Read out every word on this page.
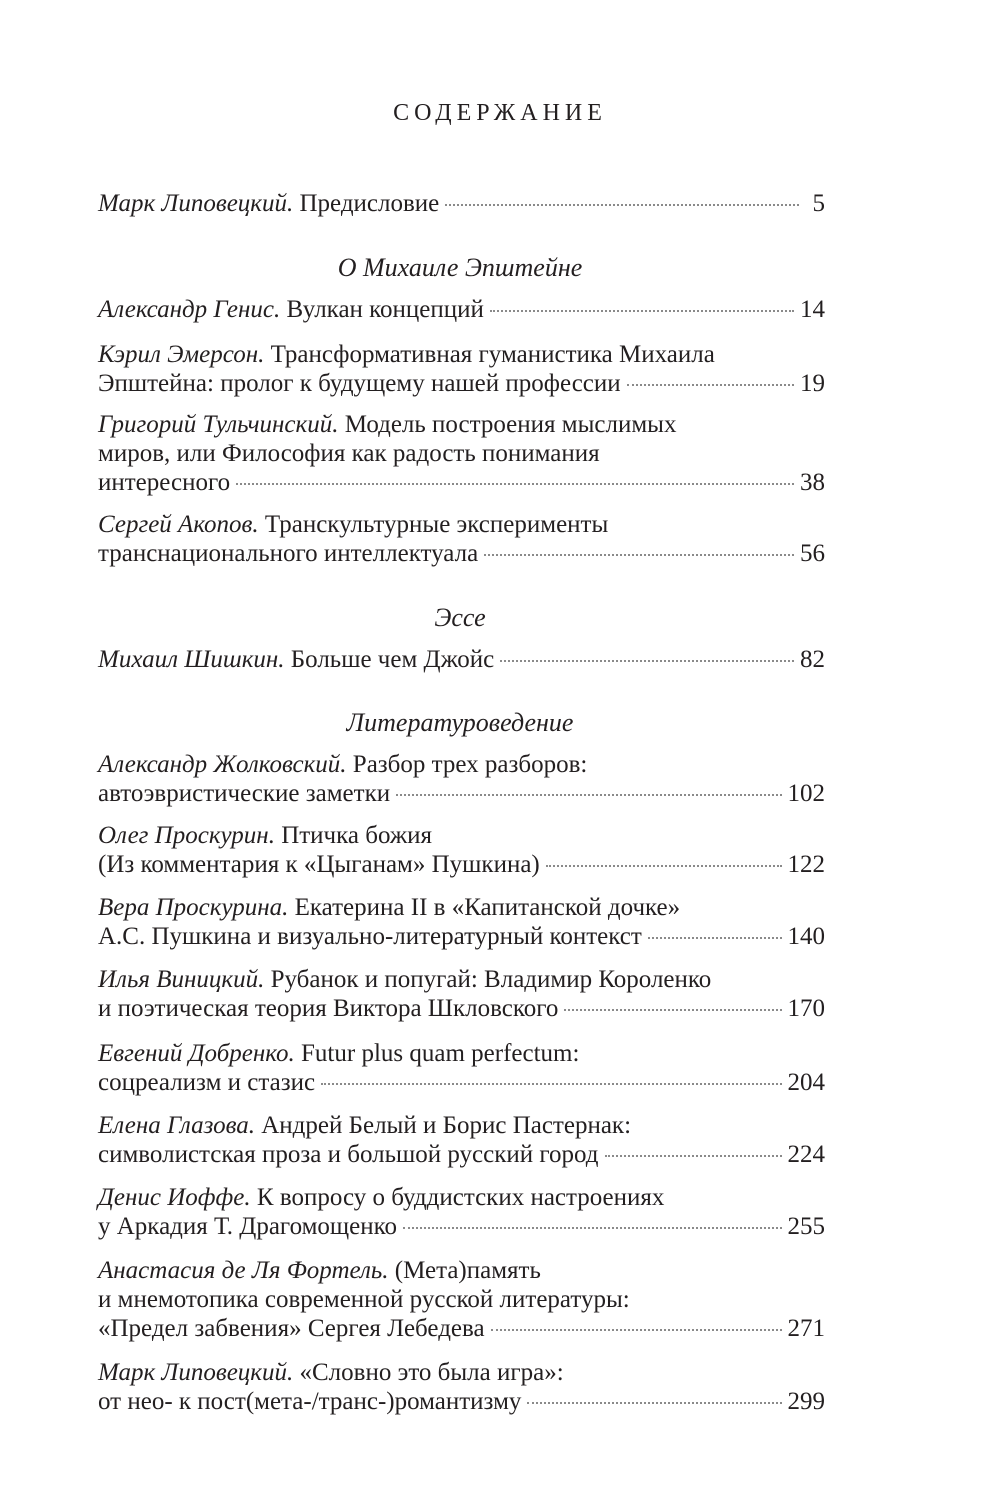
СОДЕРЖАНИЕ
Марк Липовецкий. Предисловие	5
О Михаиле Эпштейне
Александр Генис. Вулкан концепций	14
Кэрил Эмерсон. Трансформативная гуманистика Михаила
Эпштейна: пролог к будущему нашей профессии	19
Григорий Тульчинский. Модель построения мыслимых
миров, или Философия как радость понимания
интересного	38
Сергей Акопов. Транскультурные эксперименты
транснационального интеллектуала	56
Эссе
Михаил Шишкин. Больше чем Джойс	82
Литературоведение
Александр Жолковский. Разбор трех разборов:
автоэвристические заметки	102
Олег Проскурин. Птичка божия
(Из комментария к «Цыганам» Пушкина)	122
Вера Проскурина. Екатерина II в «Капитанской дочке»
А.С. Пушкина и визуально-литературный контекст	140
Илья Виницкий. Рубанок и попугай: Владимир Короленко
и поэтическая теория Виктора Шкловского	170
Евгений Добренко. Futur plus quam perfectum:
соцреализм и стазис	204
Елена Глазова. Андрей Белый и Борис Пастернак:
символистская проза и большой русский город	224
Денис Иоффе. К вопросу о буддистских настроениях
у Аркадия Т. Драгомощенко	255
Анастасия де Ля Фортель. (Мета)память
и мнемотопика современной русской литературы:
«Предел забвения» Сергея Лебедева	271
Марк Липовецкий. «Словно это была игра»:
от нео- к пост(мета-/транс-)романтизму	299
